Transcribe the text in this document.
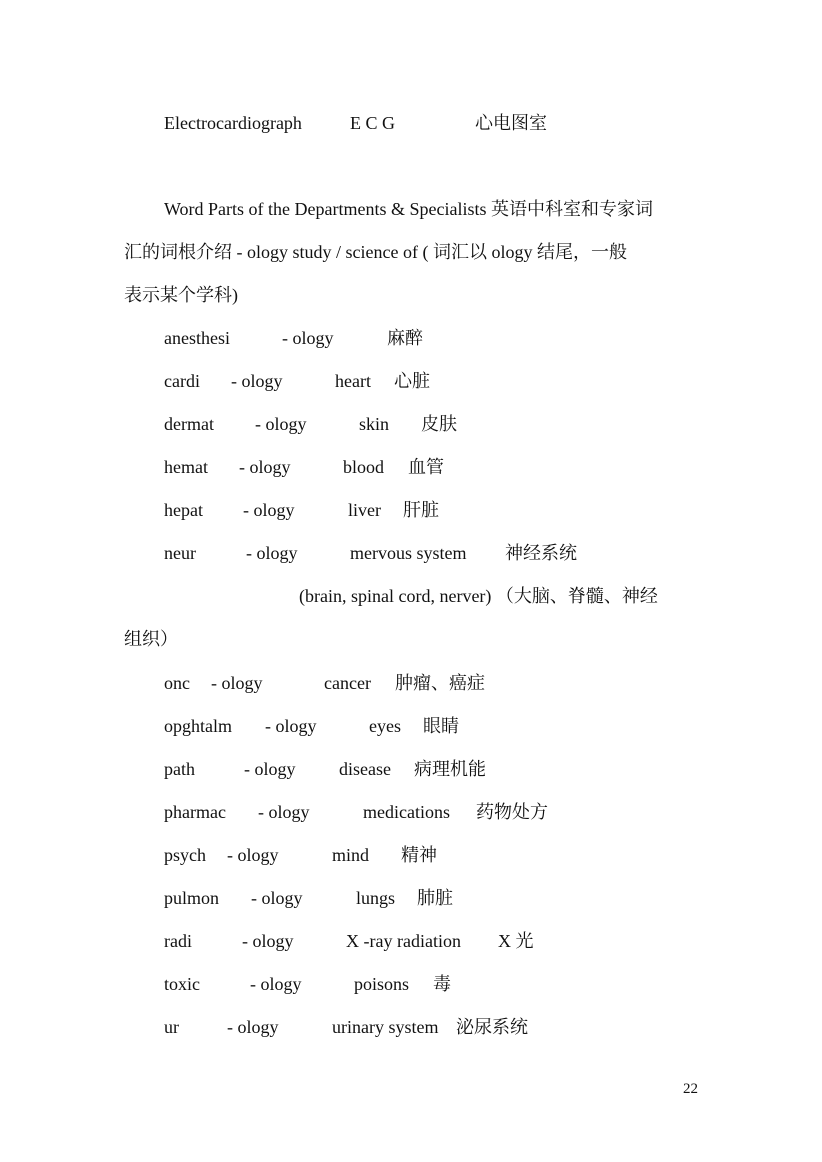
Electrocardiograph	E C G	心电图室
Word Parts of the Departments & Specialists 英语中科室和专家词
汇的词根介绍 - ology study / science of ( 词汇以 ology 结尾，一般
表示某个学科)
anesthesi	- ology	麻醉
cardi - ology	heart 心脏
dermat - ology	skin 皮肤
hemat - ology	blood 血管
hepat - ology	liver 肝脏
neur	- ology	mervous system 神经系统
(brain, spinal cord, nerver) （大脑、脊髓、神经
组织）
onc - ology	cancer 肿瘤、癌症
opghtalm - ology	eyes 眼睛
path	- ology disease 病理机能
pharmac - ology	medications 药物处方
psych - ology	mind 精神
pulmon - ology	lungs 肺脏
radi	- ology	X -ray radiation X 光
toxic	- ology	poisons 毒
ur	- ology	urinary system 泌尿系统
22
